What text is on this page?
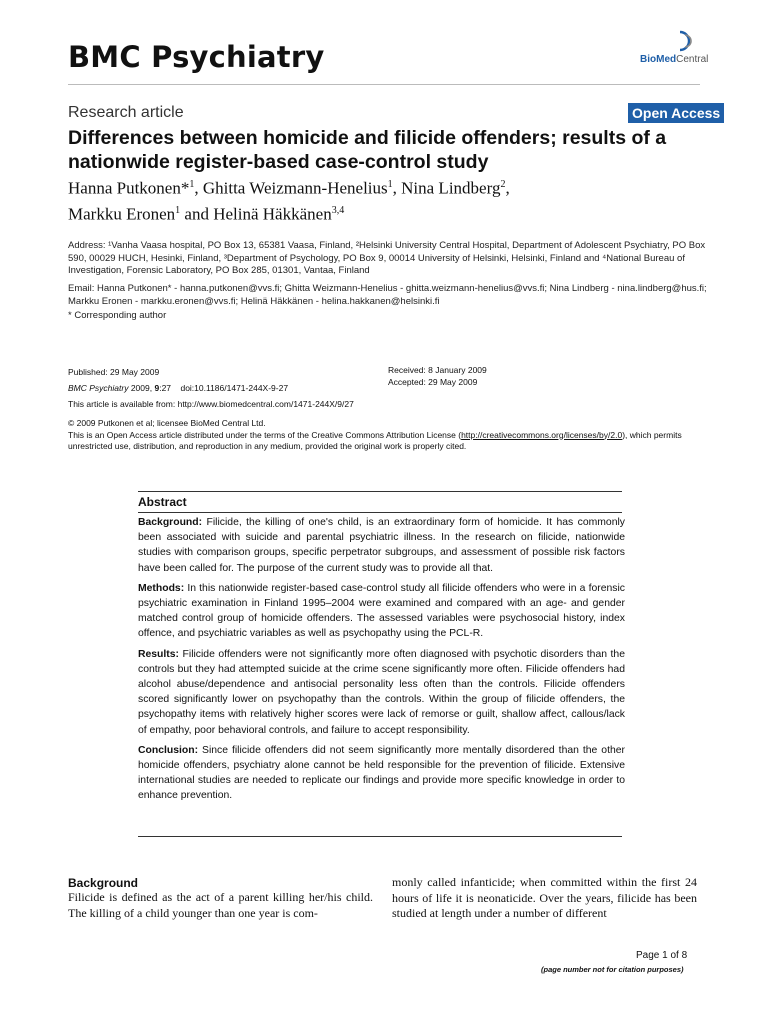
BMC Psychiatry	BioMedCentral
Research article	Open Access
Differences between homicide and filicide offenders; results of a nationwide register-based case-control study
Hanna Putkonen*$^1$, Ghitta Weizmann-Henelius$^1$, Nina Lindberg$^2$,
Markku Eronen$^1$ and Helinä Häkkänen$^{3,4}$
Address: ¹Vanha Vaasa hospital, PO Box 13, 65381 Vaasa, Finland, ²Helsinki University Central Hospital, Department of Adolescent Psychiatry, PO Box 590, 00029 HUCH, Hesinki, Finland, ³Department of Psychology, PO Box 9, 00014 University of Helsinki, Helsinki, Finland and ⁴National Bureau of Investigation, Forensic Laboratory, PO Box 285, 01301, Vantaa, Finland
Email: Hanna Putkonen* - hanna.putkonen@vvs.fi; Ghitta Weizmann-Henelius - ghitta.weizmann-henelius@vvs.fi; Nina Lindberg - nina.lindberg@hus.fi; Markku Eronen - markku.eronen@vvs.fi; Helinä Häkkänen - helina.hakkanen@helsinki.fi
* Corresponding author
Published: 29 May 2009
BMC Psychiatry 2009, 9:27    doi:10.1186/1471-244X-9-27
This article is available from: http://www.biomedcentral.com/1471-244X/9/27
Received: 8 January 2009
Accepted: 29 May 2009
© 2009 Putkonen et al; licensee BioMed Central Ltd.
This is an Open Access article distributed under the terms of the Creative Commons Attribution License (http://creativecommons.org/licenses/by/2.0), which permits unrestricted use, distribution, and reproduction in any medium, provided the original work is properly cited.
Abstract

Background: Filicide, the killing of one's child, is an extraordinary form of homicide. It has commonly been associated with suicide and parental psychiatric illness. In the research on filicide, nationwide studies with comparison groups, specific perpetrator subgroups, and assessment of possible risk factors have been called for. The purpose of the current study was to provide all that.

Methods: In this nationwide register-based case-control study all filicide offenders who were in a forensic psychiatric examination in Finland 1995–2004 were examined and compared with an age- and gender matched control group of homicide offenders. The assessed variables were psychosocial history, index offence, and psychiatric variables as well as psychopathy using the PCL-R.

Results: Filicide offenders were not significantly more often diagnosed with psychotic disorders than the controls but they had attempted suicide at the crime scene significantly more often. Filicide offenders had alcohol abuse/dependence and antisocial personality less often than the controls. Filicide offenders scored significantly lower on psychopathy than the controls. Within the group of filicide offenders, the psychopathy items with relatively higher scores were lack of remorse or guilt, shallow affect, callous/lack of empathy, poor behavioral controls, and failure to accept responsibility.

Conclusion: Since filicide offenders did not seem significantly more mentally disordered than the other homicide offenders, psychiatry alone cannot be held responsible for the prevention of filicide. Extensive international studies are needed to replicate our findings and provide more specific knowledge in order to enhance prevention.

Background
Filicide is defined as the act of a parent killing her/his child. The killing of a child younger than one year is com-
monly called infanticide; when committed within the first 24 hours of life it is neonaticide. Over the years, filicide has been studied at length under a number of different
Page 1 of 8
(page number not for citation purposes)
